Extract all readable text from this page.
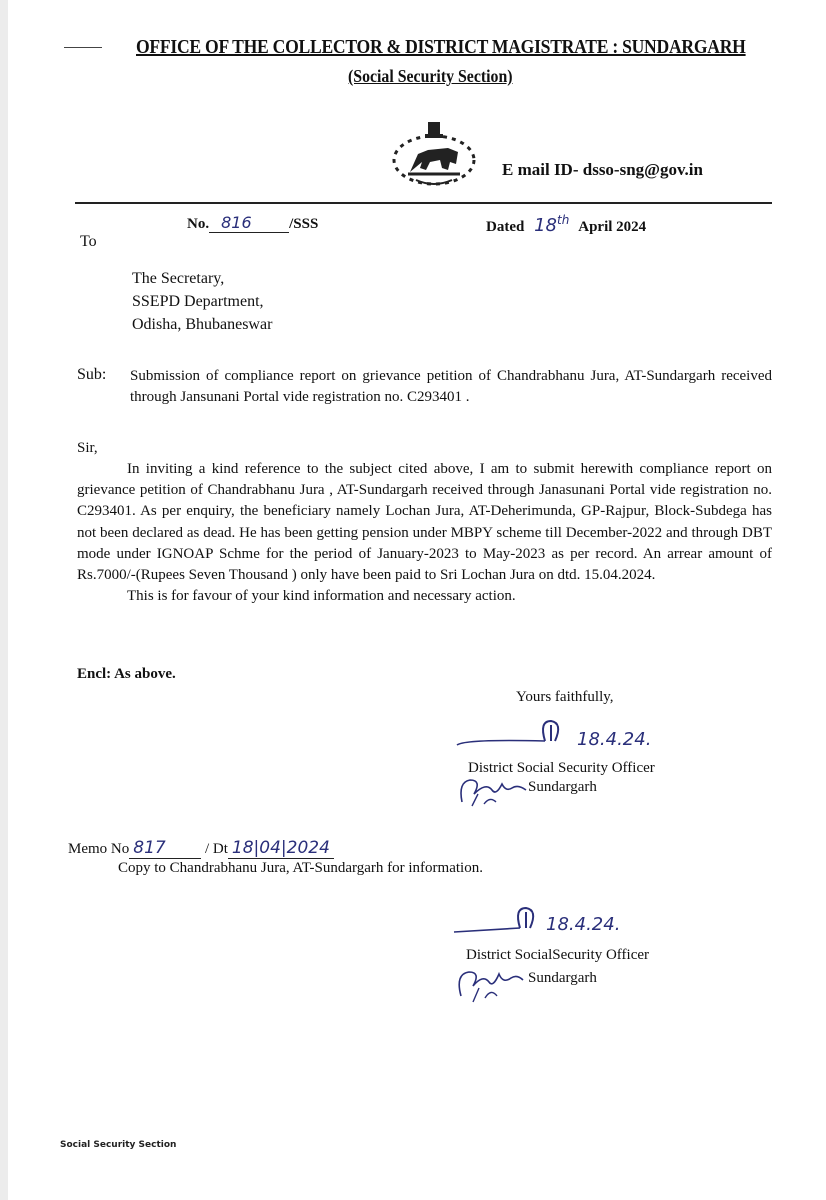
OFFICE OF THE COLLECTOR & DISTRICT MAGISTRATE : SUNDARGARH
(Social Security Section)
E mail ID- dsso-sng@gov.in
No. 816 /SSS	Dated 18th April 2024
To
The Secretary,
SSEPD Department,
Odisha, Bhubaneswar
Sub: Submission of compliance report on grievance petition of Chandrabhanu Jura, AT-Sundargarh received through Jansunani Portal vide registration no. C293401 .
Sir,

In inviting a kind reference to the subject cited above, I am to submit herewith compliance report on grievance petition of Chandrabhanu Jura , AT-Sundargarh received through Janasunani Portal vide registration no. C293401. As per enquiry, the beneficiary namely Lochan Jura, AT-Deherimunda, GP-Rajpur, Block-Subdega has not been declared as dead. He has been getting pension under MBPY scheme till December-2022 and through DBT mode under IGNOAP Schme for the period of January-2023 to May-2023 as per record. An arrear amount of Rs.7000/-(Rupees Seven Thousand ) only have been paid to Sri Lochan Jura on dtd. 15.04.2024.

This is for favour of your kind information and necessary action.

Encl: As above.
Yours faithfully,
18.4.24.
District Social Security Officer
Sundargarh
Memo No 817	/ Dt 18|04|2024
Copy to Chandrabhanu Jura, AT-Sundargarh for information.
18.4.24.
District SocialSecurity Officer
Sundargarh
Social Security Section
